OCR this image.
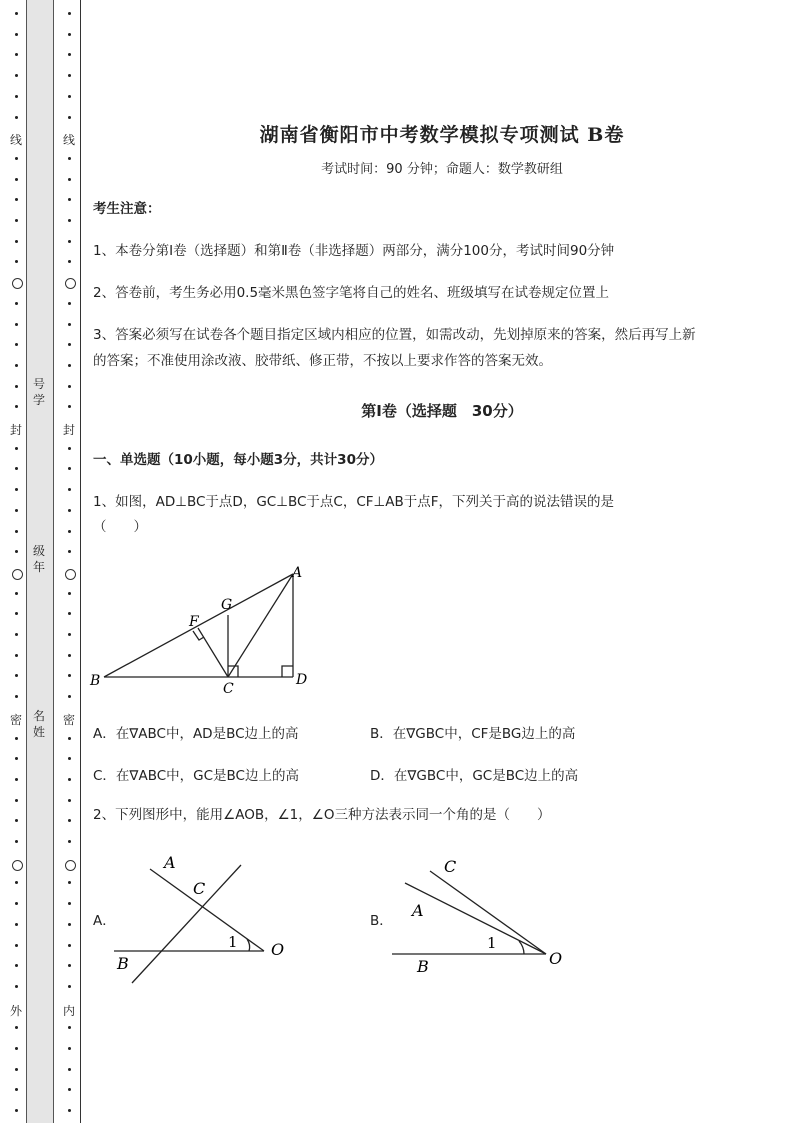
线
封
密
外
线
封
密
内
号
学
级
年
名
姓
湖南省衡阳市中考数学模拟专项测试 B卷
考试时间：90 分钟；命题人：数学教研组
考生注意：
1、本卷分第Ⅰ卷（选择题）和第Ⅱ卷（非选择题）两部分，满分100分，考试时间90分钟
2、答卷前，考生务必用0.5毫米黑色签字笔将自己的姓名、班级填写在试卷规定位置上
3、答案必须写在试卷各个题目指定区域内相应的位置，如需改动，先划掉原来的答案，然后再写上新
的答案；不准使用涂改液、胶带纸、修正带，不按以上要求作答的答案无效。
第Ⅰ卷（选择题　30分）
一、单选题（10小题，每小题3分，共计30分）
1、如图，AD⊥BC于点D，GC⊥BC于点C，CF⊥AB于点F，下列关于高的说法错误的是
（　　）
B	C
D
A
G
F
A．在∇ABC中，AD是BC边上的高	B．在∇GBC中，CF是BG边上的高
C．在∇ABC中，GC是BC边上的高	D．在∇GBC中，GC是BC边上的高
2、下列图形中，能用∠AOB，∠1，∠O三种方法表示同一个角的是（　　）
A．
A
C
1 O
B
B．
C
A
1
O
B
